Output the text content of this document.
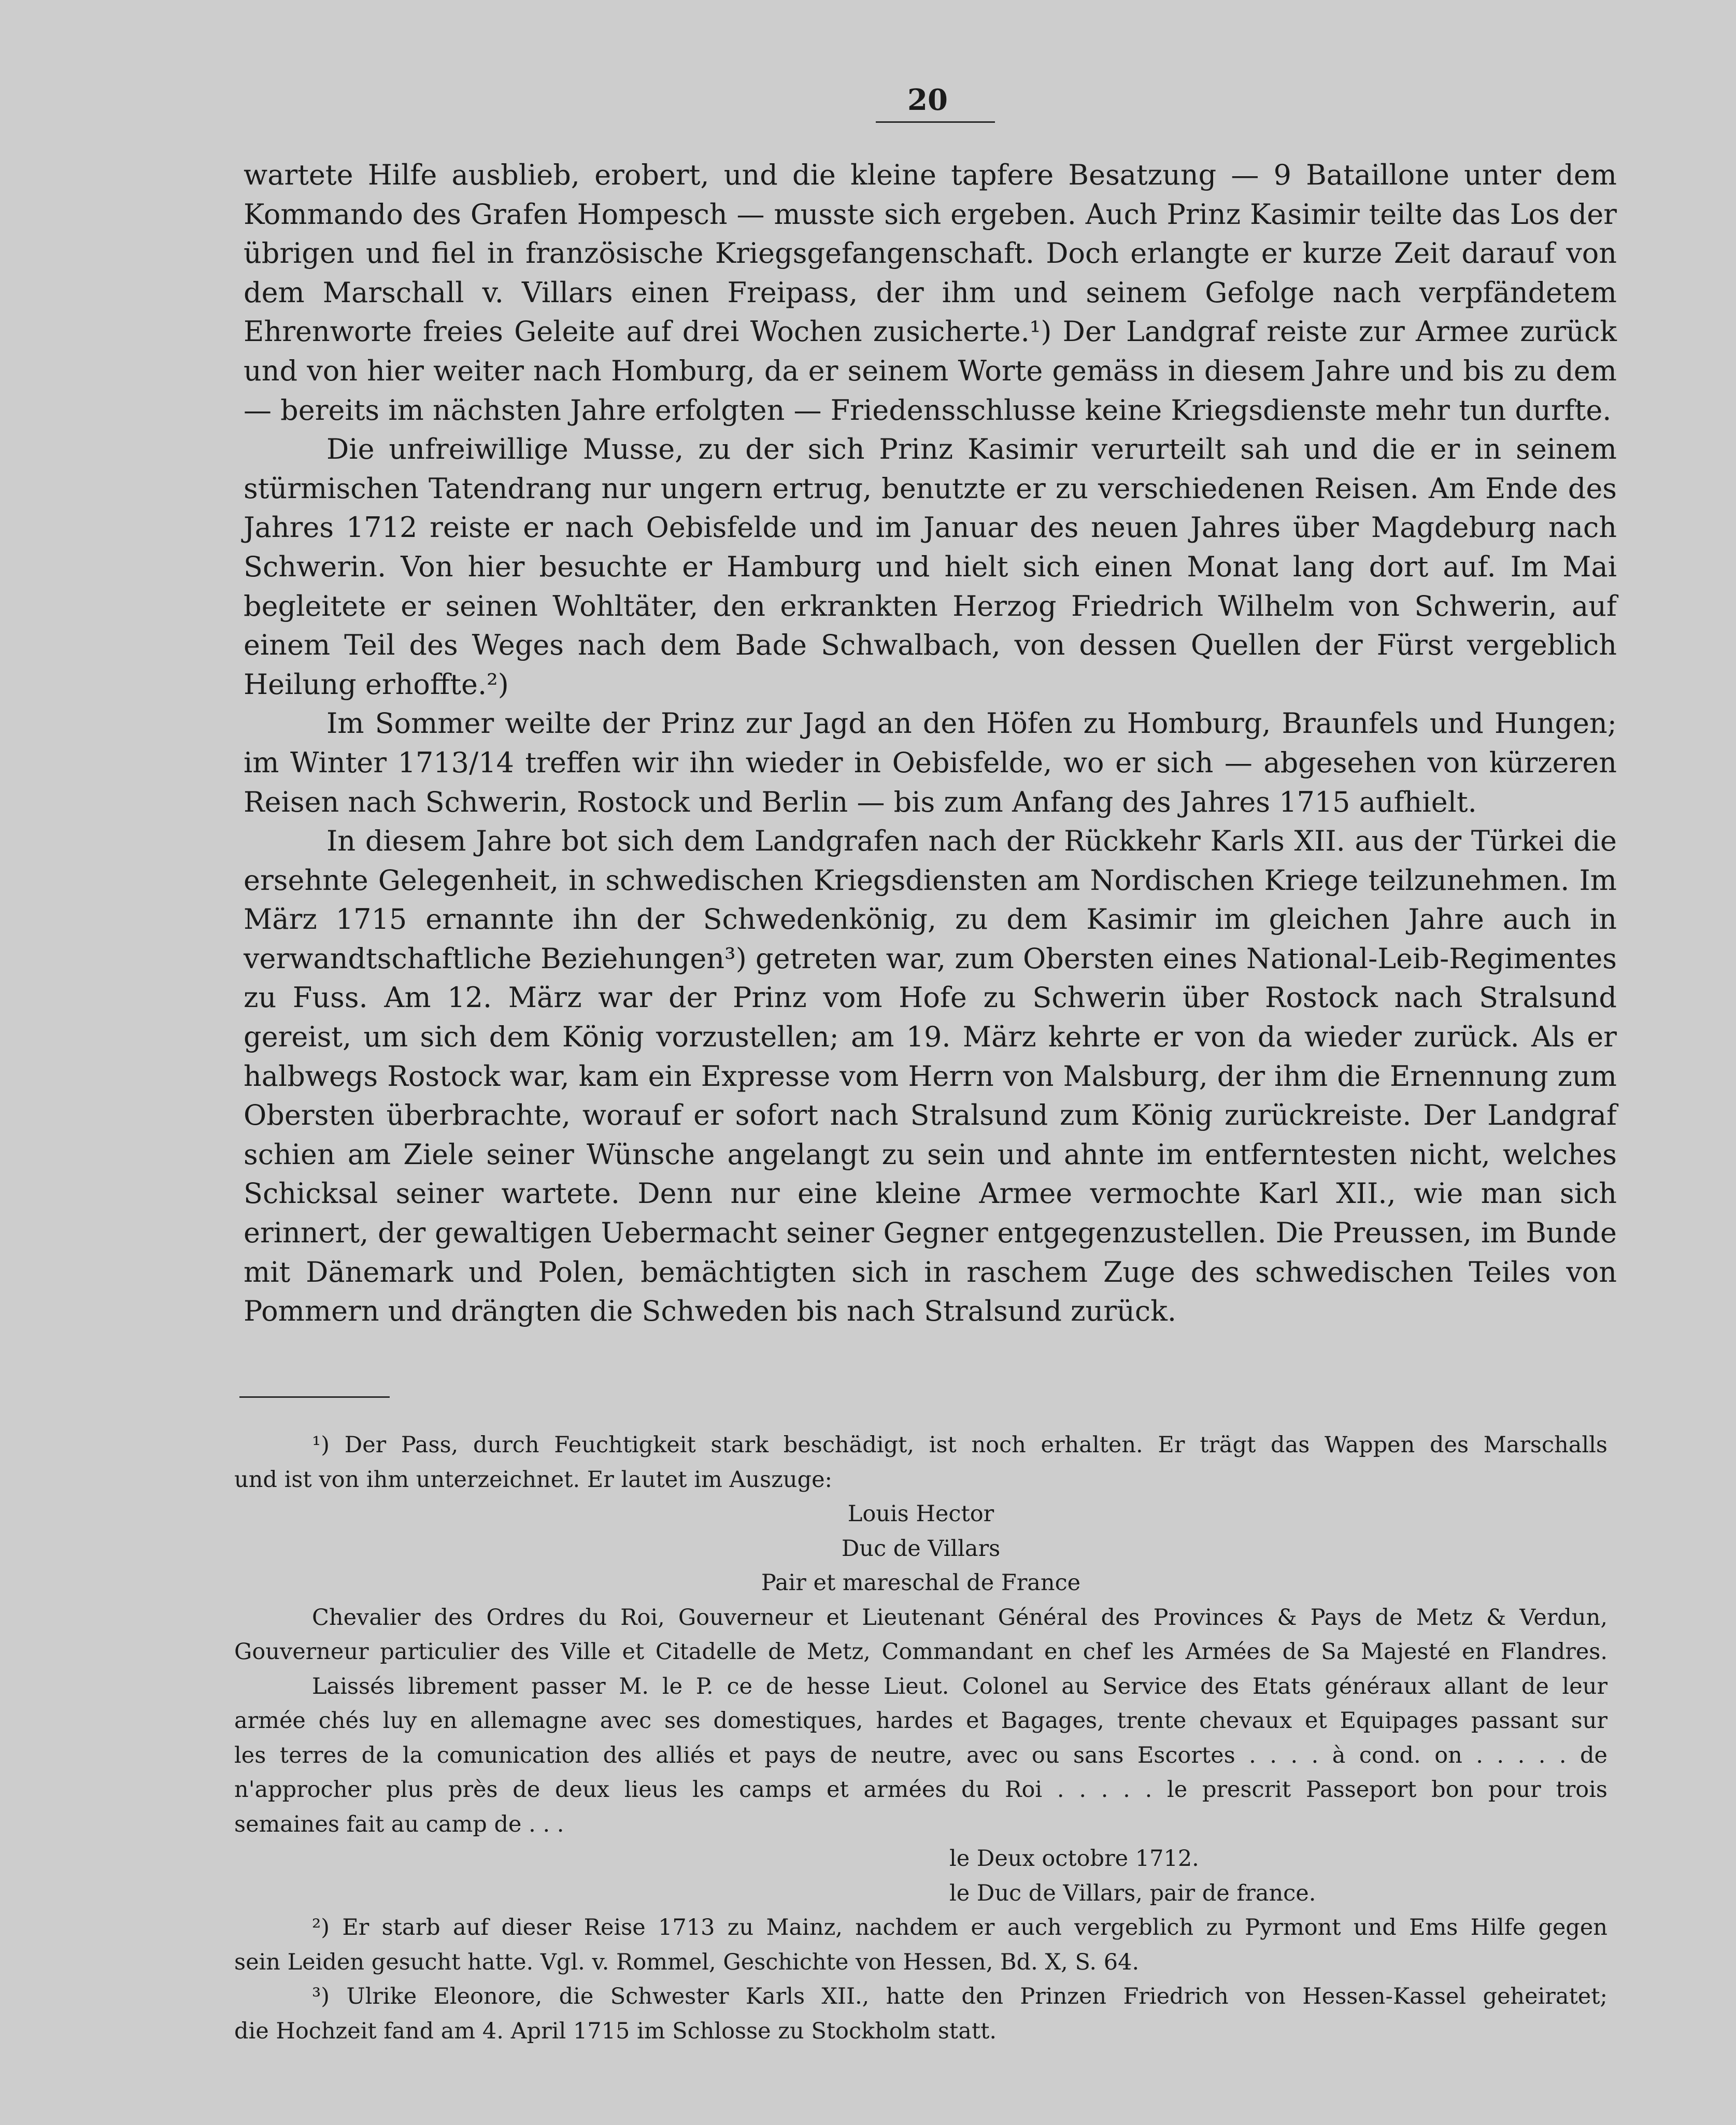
20

wartete Hilfe ausblieb, erobert, und die kleine tapfere Besatzung — 9 Bataillone unter dem Kommando des Grafen Hompesch — musste sich ergeben. Auch Prinz Kasimir teilte das Los der übrigen und fiel in französische Kriegsgefangenschaft. Doch erlangte er kurze Zeit darauf von dem Marschall v. Villars einen Freipass, der ihm und seinem Gefolge nach verpfändetem Ehrenworte freies Geleite auf drei Wochen zusicherte.¹) Der Landgraf reiste zur Armee zurück und von hier weiter nach Homburg, da er seinem Worte gemäss in diesem Jahre und bis zu dem — bereits im nächsten Jahre erfolgten — Friedensschlusse keine Kriegsdienste mehr tun durfte.

Die unfreiwillige Musse, zu der sich Prinz Kasimir verurteilt sah und die er in seinem stürmischen Tatendrang nur ungern ertrug, benutzte er zu verschiedenen Reisen. Am Ende des Jahres 1712 reiste er nach Oebisfelde und im Januar des neuen Jahres über Magdeburg nach Schwerin. Von hier besuchte er Hamburg und hielt sich einen Monat lang dort auf. Im Mai begleitete er seinen Wohltäter, den erkrankten Herzog Friedrich Wilhelm von Schwerin, auf einem Teil des Weges nach dem Bade Schwalbach, von dessen Quellen der Fürst vergeblich Heilung erhoffte.²)

Im Sommer weilte der Prinz zur Jagd an den Höfen zu Homburg, Braunfels und Hungen; im Winter 1713/14 treffen wir ihn wieder in Oebisfelde, wo er sich — abgesehen von kürzeren Reisen nach Schwerin, Rostock und Berlin — bis zum Anfang des Jahres 1715 aufhielt.

In diesem Jahre bot sich dem Landgrafen nach der Rückkehr Karls XII. aus der Türkei die ersehnte Gelegenheit, in schwedischen Kriegsdiensten am Nordischen Kriege teilzunehmen. Im März 1715 ernannte ihn der Schwedenkönig, zu dem Kasimir im gleichen Jahre auch in verwandtschaftliche Beziehungen³) getreten war, zum Obersten eines National-Leib-Regimentes zu Fuss. Am 12. März war der Prinz vom Hofe zu Schwerin über Rostock nach Stralsund gereist, um sich dem König vorzustellen; am 19. März kehrte er von da wieder zurück. Als er halbwegs Rostock war, kam ein Expresse vom Herrn von Malsburg, der ihm die Ernennung zum Obersten überbrachte, worauf er sofort nach Stralsund zum König zurückreiste. Der Landgraf schien am Ziele seiner Wünsche angelangt zu sein und ahnte im entferntesten nicht, welches Schicksal seiner wartete. Denn nur eine kleine Armee vermochte Karl XII., wie man sich erinnert, der gewaltigen Uebermacht seiner Gegner entgegenzustellen. Die Preussen, im Bunde mit Dänemark und Polen, bemächtigten sich in raschem Zuge des schwedischen Teiles von Pommern und drängten die Schweden bis nach Stralsund zurück.

¹) Der Pass, durch Feuchtigkeit stark beschädigt, ist noch erhalten. Er trägt das Wappen des Marschalls
und ist von ihm unterzeichnet. Er lautet im Auszuge:
Louis Hector
Duc de Villars
Pair et mareschal de France
Chevalier des Ordres du Roi, Gouverneur et Lieutenant Général des Provinces & Pays de Metz & Verdun,
Gouverneur particulier des Ville et Citadelle de Metz, Commandant en chef les Armées de Sa Majesté en Flandres.
Laissés librement passer M. le P. ce de hesse Lieut. Colonel au Service des Etats généraux allant de leur
armée chés luy en allemagne avec ses domestiques, hardes et Bagages, trente chevaux et Equipages passant sur
les terres de la comunication des alliés et pays de neutre, avec ou sans Escortes . . . . à cond. on . . . . . de
n'approcher plus près de deux lieus les camps et armées du Roi . . . . . le prescrit Passeport bon pour trois
semaines fait au camp de . . .
le Deux octobre 1712.
le Duc de Villars, pair de france.
²) Er starb auf dieser Reise 1713 zu Mainz, nachdem er auch vergeblich zu Pyrmont und Ems Hilfe gegen
sein Leiden gesucht hatte. Vgl. v. Rommel, Geschichte von Hessen, Bd. X, S. 64.
³) Ulrike Eleonore, die Schwester Karls XII., hatte den Prinzen Friedrich von Hessen-Kassel geheiratet;
die Hochzeit fand am 4. April 1715 im Schlosse zu Stockholm statt.
